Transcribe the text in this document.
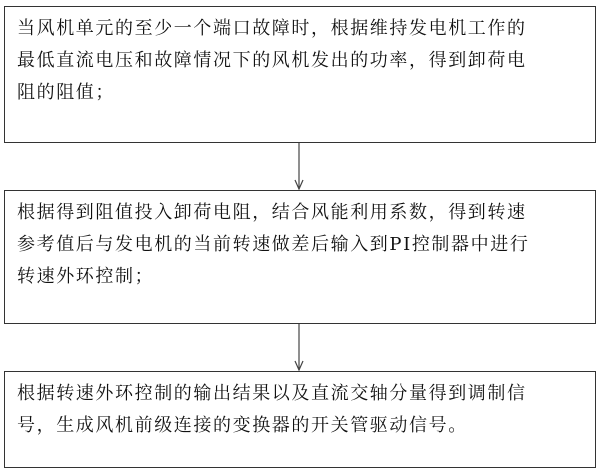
当风机单元的至少一个端口故障时，根据维持发电机工作的
最低直流电压和故障情况下的风机发出的功率，得到卸荷电
阻的阻值；
根据得到阻值投入卸荷电阻，结合风能利用系数，得到转速
参考值后与发电机的当前转速做差后输入到PI控制器中进行
转速外环控制；
根据转速外环控制的输出结果以及直流交轴分量得到调制信
号，生成风机前级连接的变换器的开关管驱动信号。
